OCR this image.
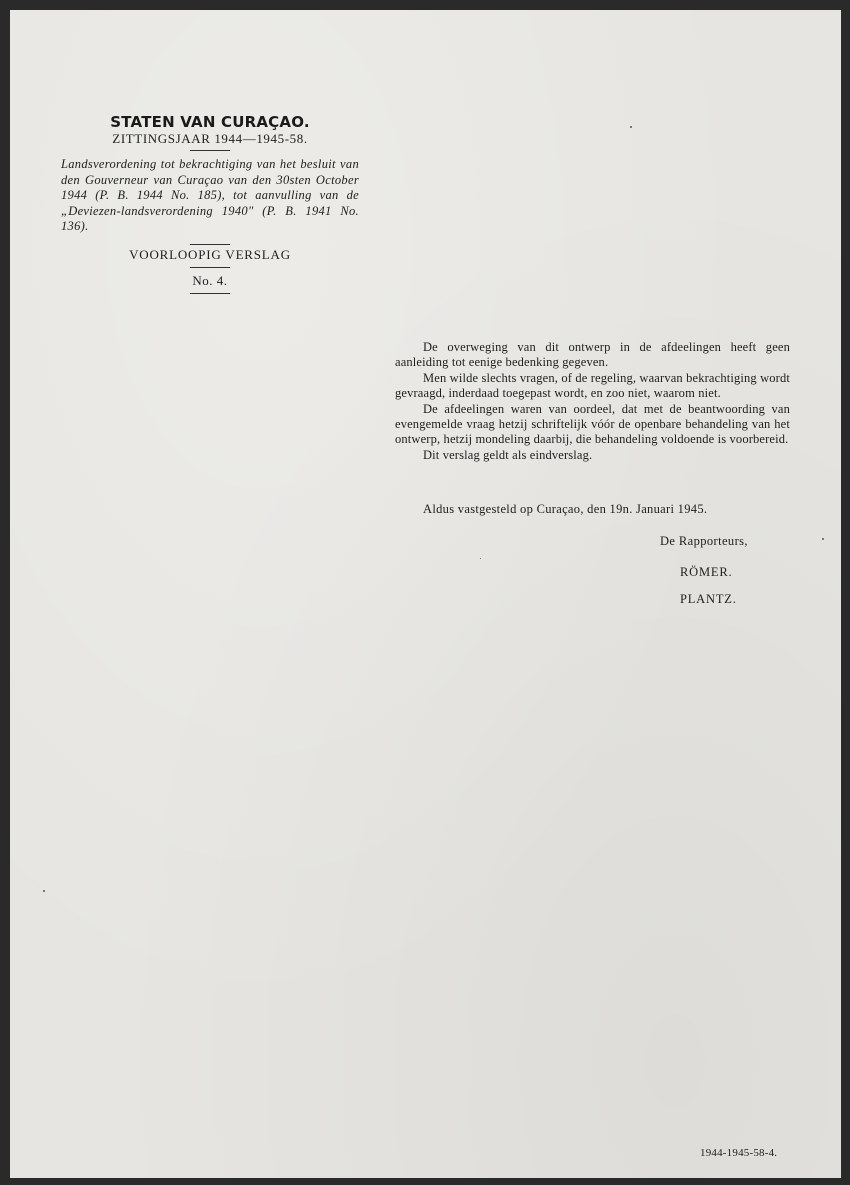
STATEN VAN CURAÇAO.

ZITTINGSJAAR 1944—1945-58.

Landsverordening tot bekrachtiging van het besluit van den Gouverneur van Curaçao van den 30sten October 1944 (P. B. 1944 No. 185), tot aanvulling van de „Deviezen-landsverordening 1940" (P. B. 1941 No. 136).

VOORLOOPIG VERSLAG

No. 4.

De overweging van dit ontwerp in de afdeelingen heeft geen aanleiding tot eenige bedenking gegeven.

Men wilde slechts vragen, of de regeling, waarvan bekrachtiging wordt gevraagd, inderdaad toegepast wordt, en zoo niet, waarom niet.

De afdeelingen waren van oordeel, dat met de beantwoording van evengemelde vraag hetzij schriftelijk vóór de openbare behandeling van het ontwerp, hetzij mondeling daarbij, die behandeling voldoende is voorbereid.

Dit verslag geldt als eindverslag.

Aldus vastgesteld op Curaçao, den 19n. Januari 1945.
De Rapporteurs,
RÖMER.
PLANTZ.
1944-1945-58-4.
